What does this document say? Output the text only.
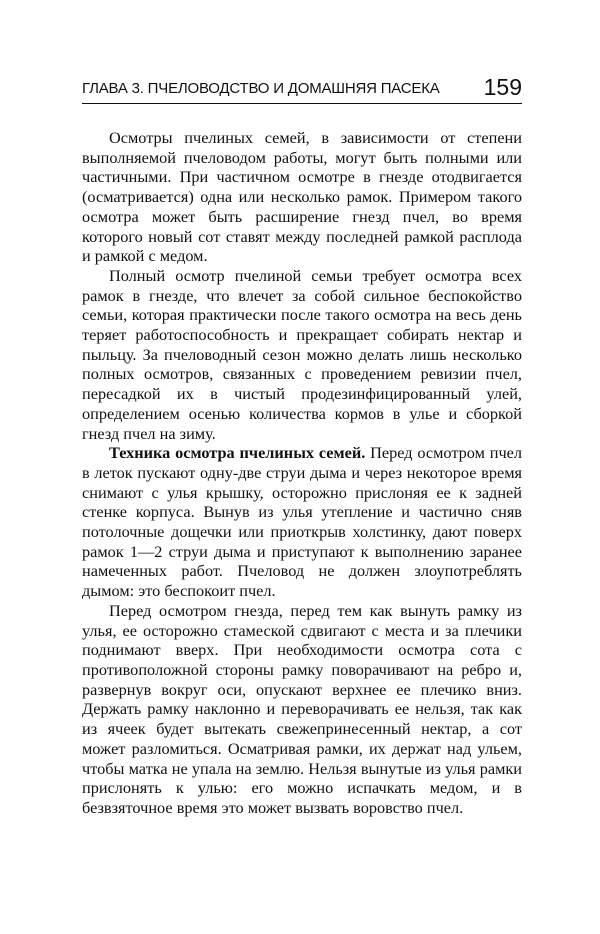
ГЛАВА 3. ПЧЕЛОВОДСТВО И ДОМАШНЯЯ ПАСЕКА 159

Осмотры пчелиных семей, в зависимости от степени выполняемой пчеловодом работы, могут быть полными или частичными. При частичном осмотре в гнезде отодвигается (осматривается) одна или несколько рамок. Примером такого осмотра может быть расширение гнезд пчел, во время которого новый сот ставят между последней рамкой расплода и рамкой с медом.

Полный осмотр пчелиной семьи требует осмотра всех рамок в гнезде, что влечет за собой сильное беспокойство семьи, которая практически после такого осмотра на весь день теряет работоспособность и прекращает собирать нектар и пыльцу. За пчеловодный сезон можно делать лишь несколько полных осмотров, связанных с проведением ревизии пчел, пересадкой их в чистый продезинфицированный улей, определением осенью количества кормов в улье и сборкой гнезд пчел на зиму.

Техника осмотра пчелиных семей. Перед осмотром пчел в леток пускают одну-две струи дыма и через некоторое время снимают с улья крышку, осторожно прислоняя ее к задней стенке корпуса. Вынув из улья утепление и частично сняв потолочные дощечки или приоткрыв холстинку, дают поверх рамок 1—2 струи дыма и приступают к выполнению заранее намеченных работ. Пчеловод не должен злоупотреблять дымом: это беспокоит пчел.

Перед осмотром гнезда, перед тем как вынуть рамку из улья, ее осторожно стамеской сдвигают с места и за плечики поднимают вверх. При необходимости осмотра сота с противоположной стороны рамку поворачивают на ребро и, развернув вокруг оси, опускают верхнее ее плечико вниз. Держать рамку наклонно и переворачивать ее нельзя, так как из ячеек будет вытекать свежепринесенный нектар, а сот может разломиться. Осматривая рамки, их держат над ульем, чтобы матка не упала на землю. Нельзя вынутые из улья рамки прислонять к улью: его можно испачкать медом, и в безвзяточное время это может вызвать воровство пчел.
